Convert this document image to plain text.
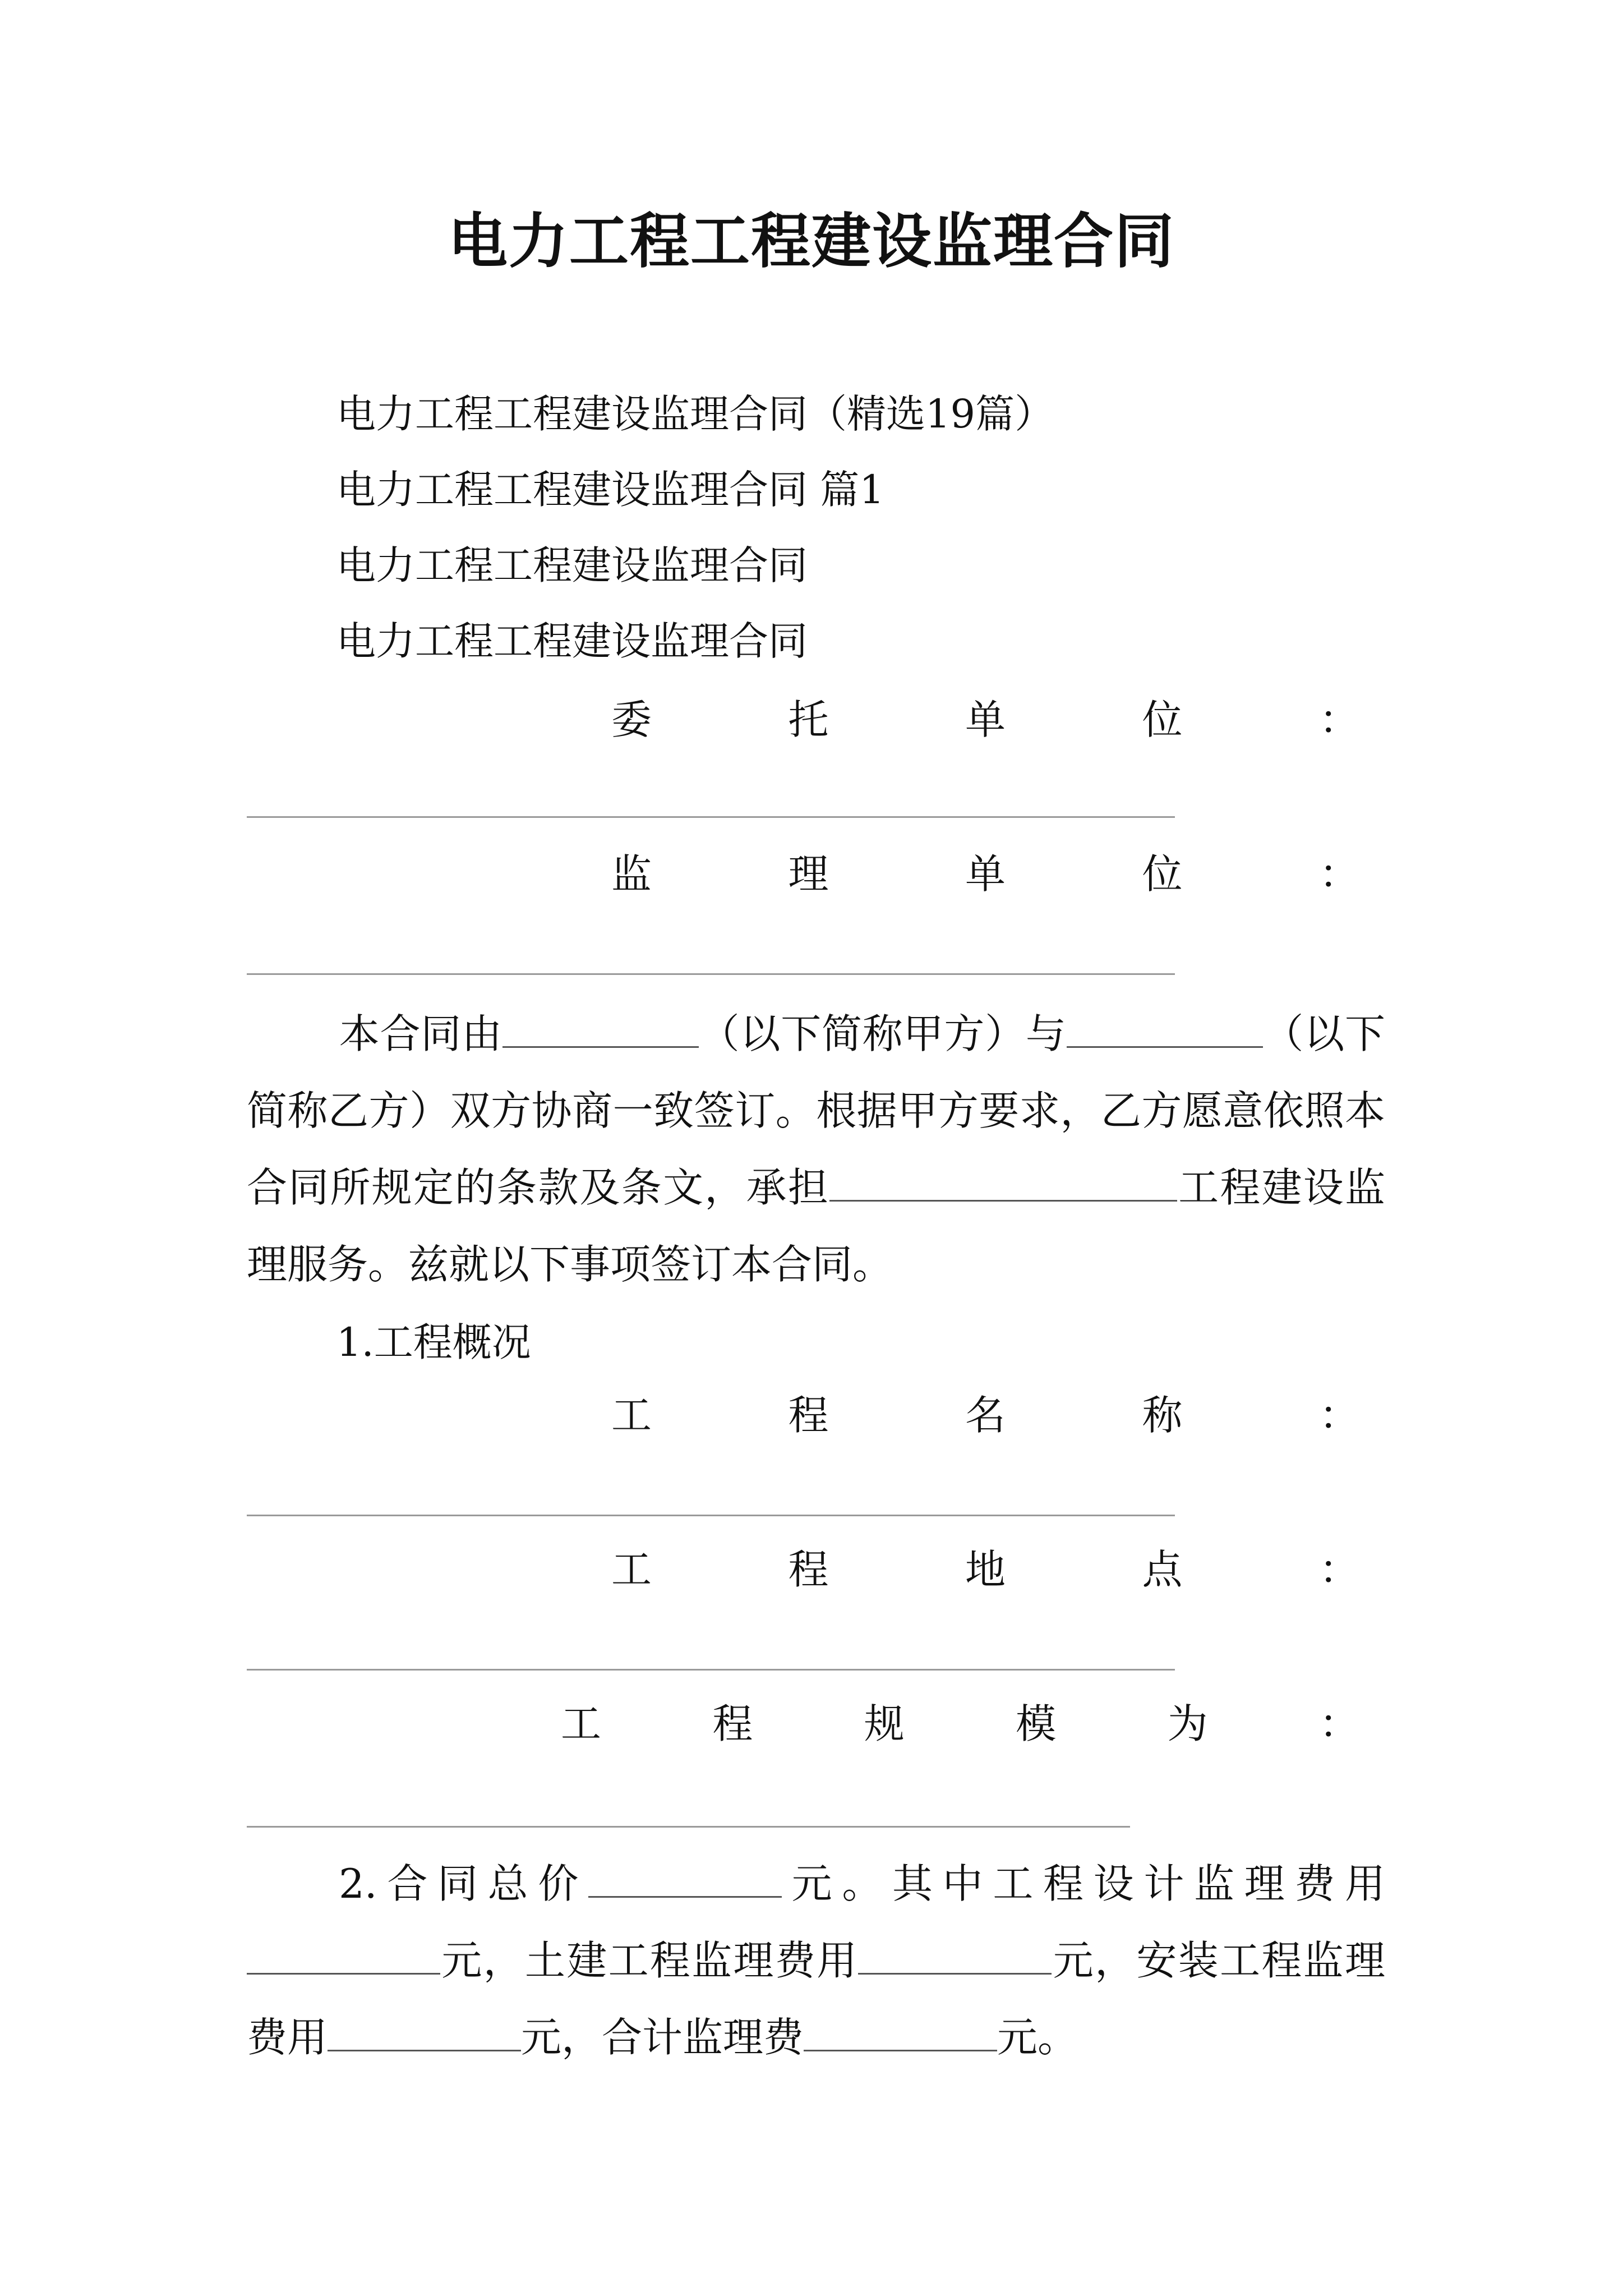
电力工程工程建设监理合同
电力工程工程建设监理合同（精选19篇）
电力工程工程建设监理合同 篇1
电力工程工程建设监理合同
电力工程工程建设监理合同
委	托	单	位	：
监	理	单	位	：
本合同由	（以下简称甲方）与	（以下简称乙方）双方协商一致签订。根据甲方要求，乙方愿意依照本合同所规定的条款及条文，承担	工程建设监理服务。兹就以下事项签订本合同。
1.工程概况
工	程	名	称	：
工	程	地	点	：
工	程	规	模	为	：
2.合同总价	元。其中工程设计监理费用元，土建工程监理费用	元，安装工程监理费用	元，合计监理费	元。
